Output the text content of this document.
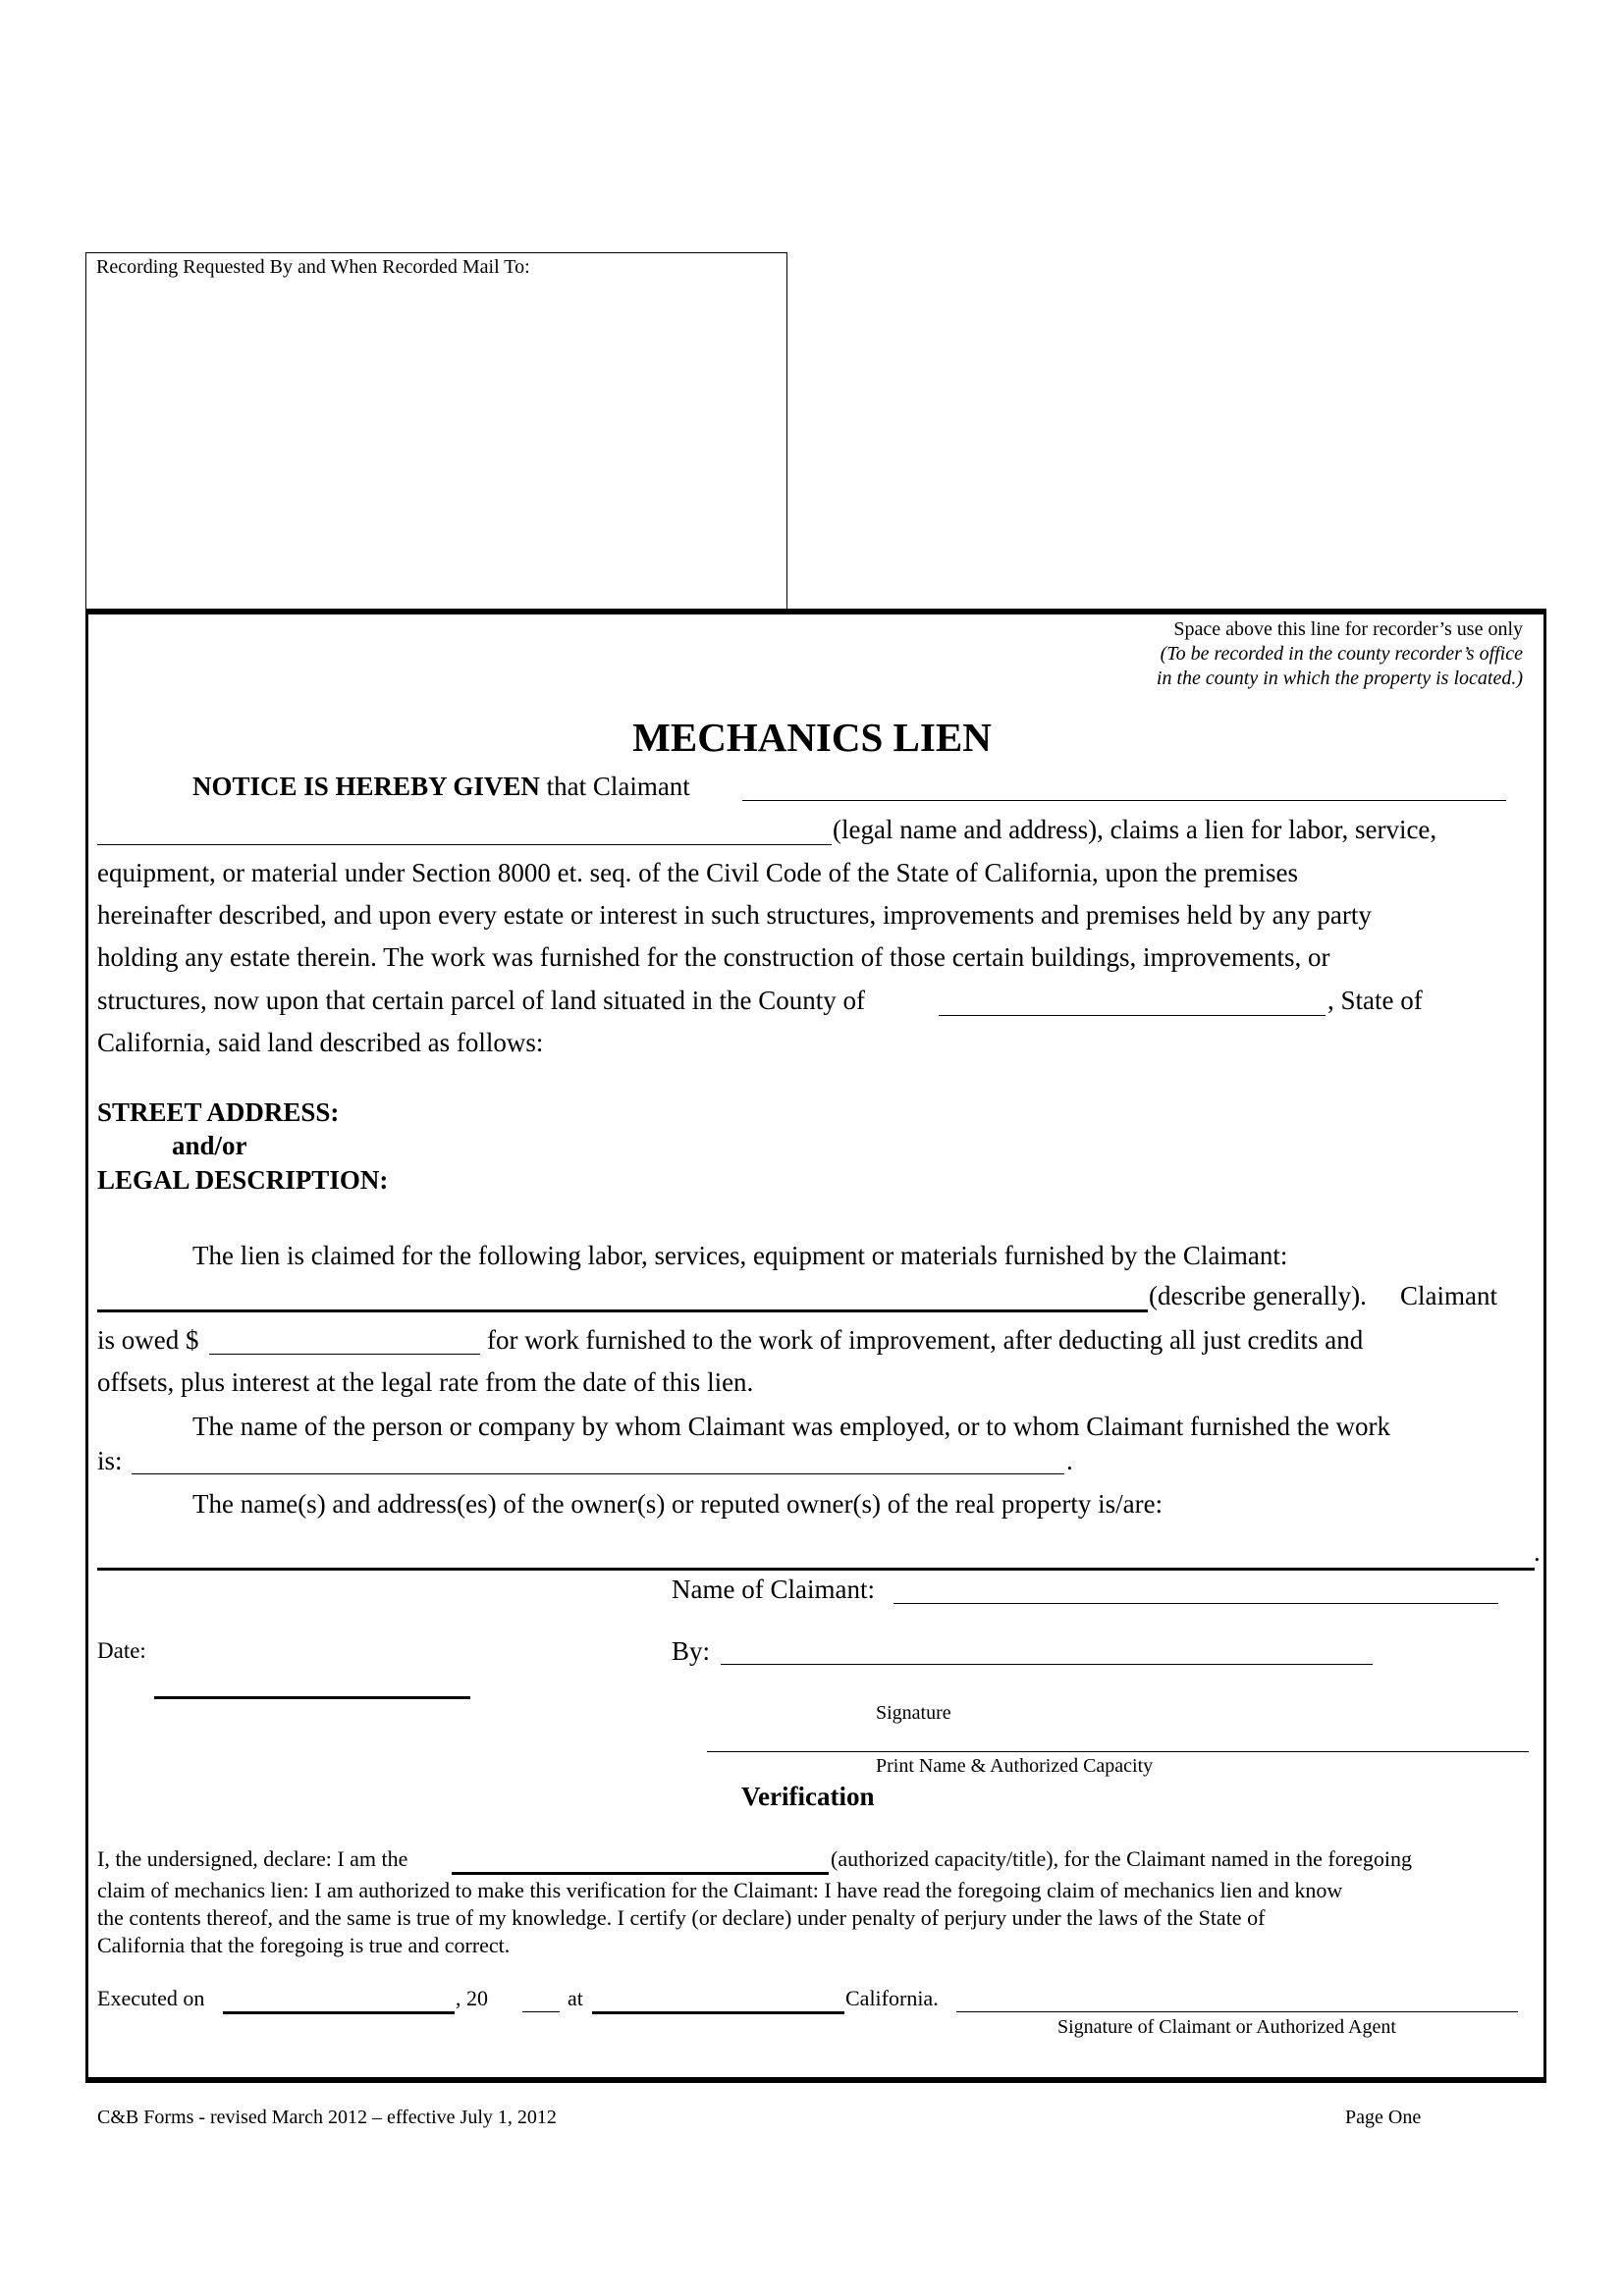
Recording Requested By and When Recorded Mail To:
Space above this line for recorder’s use only
(To be recorded in the county recorder’s office
in the county in which the property is located.)
MECHANICS LIEN
NOTICE IS HEREBY GIVEN that Claimant
(legal name and address), claims a lien for labor, service,
equipment, or material under Section 8000 et. seq. of the Civil Code of the State of California, upon the premises
hereinafter described, and upon every estate or interest in such structures, improvements and premises held by any party
holding any estate therein. The work was furnished for the construction of those certain buildings, improvements, or
structures, now upon that certain parcel of land situated in the County of	, State of
California, said land described as follows:
STREET ADDRESS:
and/or
LEGAL DESCRIPTION:
The lien is claimed for the following labor, services, equipment or materials furnished by the Claimant:
(describe generally). Claimant
is owed $	for work furnished to the work of improvement, after deducting all just credits and
offsets, plus interest at the legal rate from the date of this lien.
The name of the person or company by whom Claimant was employed, or to whom Claimant furnished the work
is:	.
The name(s) and address(es) of the owner(s) or reputed owner(s) of the real property is/are:
.
Name of Claimant:
Date:	By:
Signature
Print Name & Authorized Capacity
Verification
I, the undersigned, declare: I am the	(authorized capacity/title), for the Claimant named in the foregoing
claim of mechanics lien: I am authorized to make this verification for the Claimant: I have read the foregoing claim of mechanics lien and know
the contents thereof, and the same is true of my knowledge. I certify (or declare) under penalty of perjury under the laws of the State of
California that the foregoing is true and correct.
Executed on	, 20	at	California.
Signature of Claimant or Authorized Agent
C&B Forms - revised March 2012 – effective July 1, 2012	Page One
